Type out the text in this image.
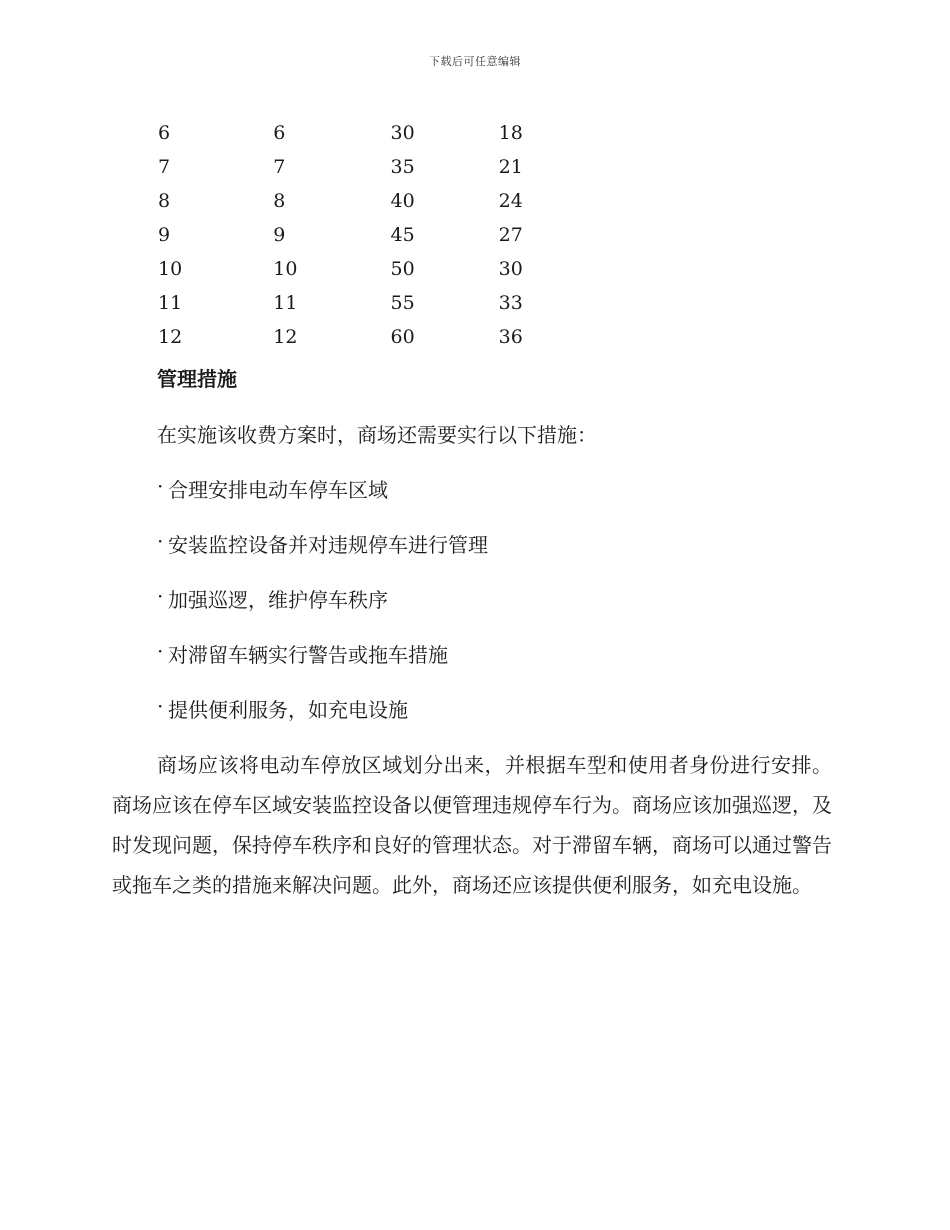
下载后可任意编辑
6	6	30	18
7	7	35	21
8	8	40	24
9	9	45	27
10	10	50	30
11	11	55	33
12	12	60	36
管理措施
在实施该收费方案时，商场还需要实行以下措施：
· 合理安排电动车停车区域
· 安装监控设备并对违规停车进行管理
· 加强巡逻，维护停车秩序
· 对滞留车辆实行警告或拖车措施
· 提供便利服务，如充电设施

商场应该将电动车停放区域划分出来，并根据车型和使用者身份进行安排。商场应该在停车区域安装监控设备以便管理违规停车行为。商场应该加强巡逻，及时发现问题，保持停车秩序和良好的管理状态。对于滞留车辆，商场可以通过警告或拖车之类的措施来解决问题。此外，商场还应该提供便利服务，如充电设施。
